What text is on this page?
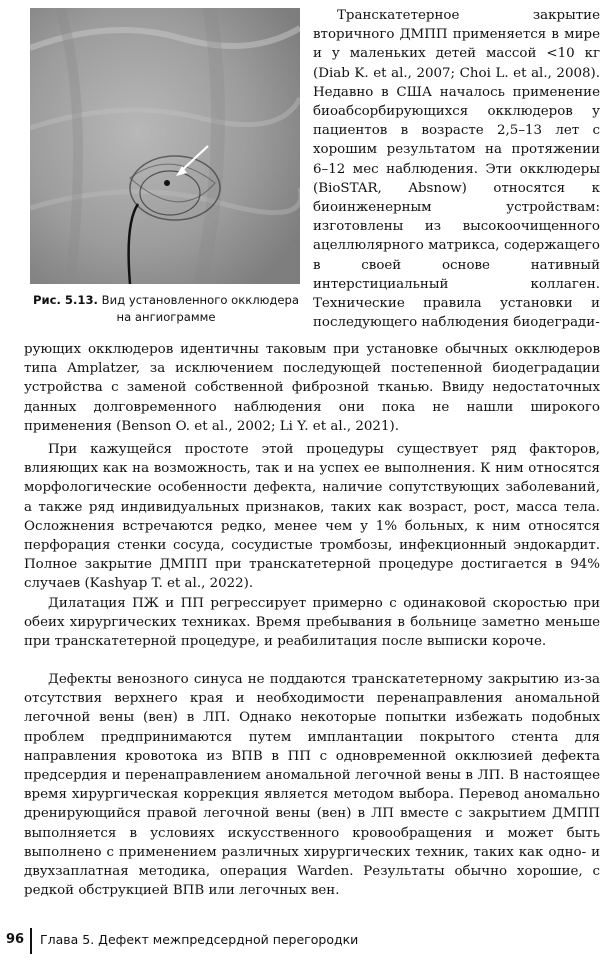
Рис. 5.13. Вид установленного окклюдера на ангиограмме

Транскатетерное закрытие вторичного ДМПП применяется в мире и у маленьких детей массой <10 кг (Diab K. et al., 2007; Choi L. et al., 2008). Недавно в США началось применение биоабсорбирующихся окклюдеров у пациентов в возрасте 2,5–13 лет с хорошим результатом на протяжении 6–12 мес наблюдения. Эти окклюдеры (BioSTAR, Absnow) относятся к биоинженерным устройствам: изготовлены из высокоочищенного ацеллюлярного матрикса, содержащего в своей основе нативный интерстициальный коллаген. Технические правила установки и последующего наблюдения биодегради-

рующих окклюдеров идентичны таковым при установке обычных окклюдеров типа Amplatzer, за исключением последующей постепенной биодеградации устройства с заменой собственной фиброзной тканью. Ввиду недостаточных данных долговременного наблюдения они пока не нашли широкого применения (Benson O. et al., 2002; Li Y. et al., 2021).

При кажущейся простоте этой процедуры существует ряд факторов, влияющих как на возможность, так и на успех ее выполнения. К ним относятся морфологические особенности дефекта, наличие сопутствующих заболеваний, а также ряд индивидуальных признаков, таких как возраст, рост, масса тела. Осложнения встречаются редко, менее чем у 1% больных, к ним относятся перфорация стенки сосуда, сосудистые тромбозы, инфекционный эндокардит. Полное закрытие ДМПП при транскатетерной процедуре достигается в 94% случаев (Kashyap T. et al., 2022).

Дилатация ПЖ и ПП регрессирует примерно с одинаковой скоростью при обеих хирургических техниках. Время пребывания в больнице заметно меньше при транскатетерной процедуре, и реабилитация после выписки короче.

Дефекты венозного синуса не поддаются транскатетерному закрытию из-за отсутствия верхнего края и необходимости перенаправления аномальной легочной вены (вен) в ЛП. Однако некоторые попытки избежать подобных проблем предпринимаются путем имплантации покрытого стента для направления кровотока из ВПВ в ПП с одновременной окклюзией дефекта предсердия и перенаправлением аномальной легочной вены в ЛП. В настоящее время хирургическая коррекция является методом выбора. Перевод аномально дренирующийся правой легочной вены (вен) в ЛП вместе с закрытием ДМПП выполняется в условиях искусственного кровообращения и может быть выполнено с применением различных хирургических техник, таких как одно- и двухзаплатная методика, операция Warden. Результаты обычно хорошие, с редкой обструкцией ВПВ или легочных вен.

96 Глава 5. Дефект межпредсердной перегородки
